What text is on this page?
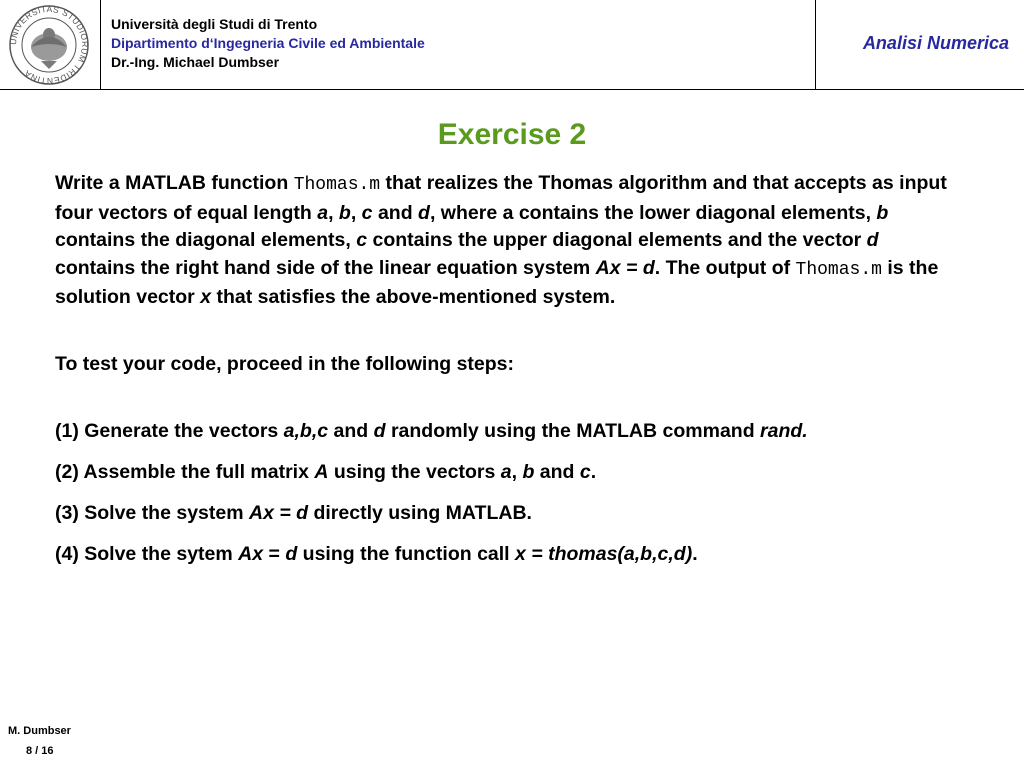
UNIVERSITAS STUDIORUM TRIDENTINA
Università degli Studi di Trento
Dipartimento d‘Ingegneria Civile ed Ambientale
Dr.-Ing. Michael Dumbser
Analisi Numerica
Exercise 2

Write a MATLAB function Thomas.m that realizes the Thomas algorithm and that accepts as input four vectors of equal length a, b, c and d, where a contains the lower diagonal elements, b contains the diagonal elements, c contains the upper diagonal elements and the vector d contains the right hand side of the linear equation system Ax = d. The output of Thomas.m is the solution vector x that satisfies the above-mentioned system.

To test your code, proceed in the following steps:
(1) Generate the vectors a,b,c and d randomly using the MATLAB command rand.
(2) Assemble the full matrix A using the vectors a, b and c.
(3) Solve the system Ax = d directly using MATLAB.
(4) Solve the sytem Ax = d using the function call x = thomas(a,b,c,d).
M. Dumbser
8 / 16
